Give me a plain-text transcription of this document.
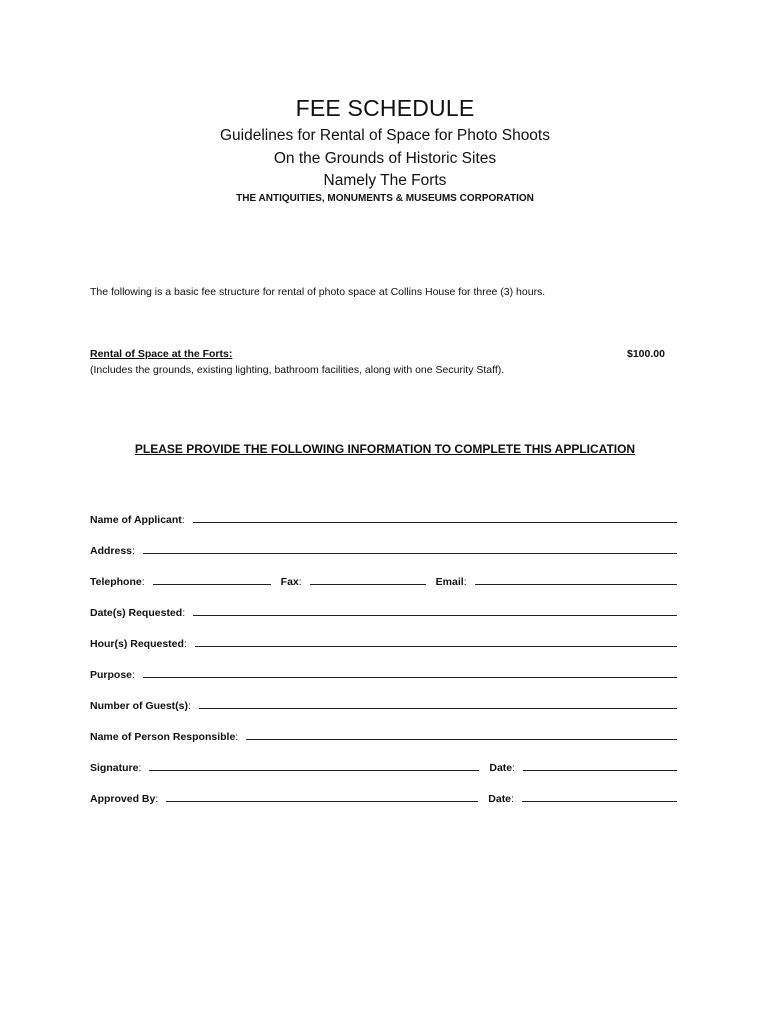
FEE SCHEDULE
Guidelines for Rental of Space for Photo Shoots
On the Grounds of Historic Sites
Namely The Forts
THE ANTIQUITIES, MONUMENTS & MUSEUMS CORPORATION
The following is a basic fee structure for rental of photo space at Collins House for three (3) hours.
Rental of Space at the Forts:	$100.00
(Includes the grounds, existing lighting, bathroom facilities, along with one Security Staff).
PLEASE PROVIDE THE FOLLOWING INFORMATION TO COMPLETE THIS APPLICATION
Name of Applicant :
Address :
Telephone :	Fax :	Email :
Date(s) Requested :
Hour(s) Requested :
Purpose :
Number of Guest(s) :
Name of Person Responsible :
Signature :	Date :
Approved By :	Date :
